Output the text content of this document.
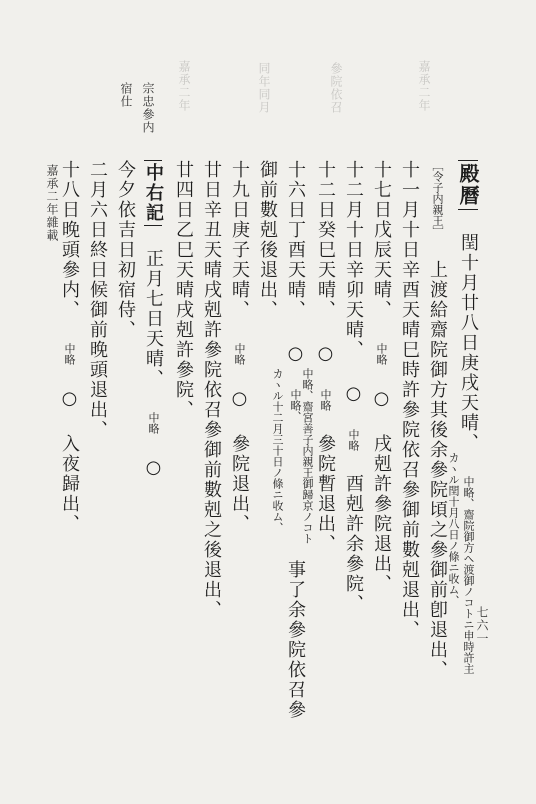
嘉承二年	同年同月	參院依召	嘉承二年
七六一
宗忠參内
宿仕
嘉承二年雜載	殿曆 閏十月廿八日庚戌天晴、 中略、齋院御方ヘ渡御ノコトニ申時許主
カヽル閏十月八日ノ條ニ收ム、
［令子内親王］ 上渡給齋院御方其後余參院頃之參御前卽退出、
十一月十日辛酉天晴巳時許參院依召參御前數剋退出、
十七日戊辰天晴、 中略 ○ 戌剋許參院退出、
十二月十日辛卯天晴、 ○ 中略 酉剋許余參院、
十二日癸巳天晴、 ○ 中略 參院暫退出、
中略、齋宮善子内親王御歸京ノコト
十六日丁酉天晴、 ○ 中略、
カヽル十二月三十日ノ條ニ收ム、
事了余參院依召參
御前數剋後退出、
十九日庚子天晴、 中略 ○ 參院退出、
廿日辛丑天晴戌剋許參院依召參御前數剋之後退出、
廿四日乙巳天晴戌剋許參院、
中右記 正月七日天晴、 中略 ○
今夕依吉日初宿侍、
二月六日終日候御前晚頭退出、
十八日晚頭參内、 中略 ○ 入夜歸出、
